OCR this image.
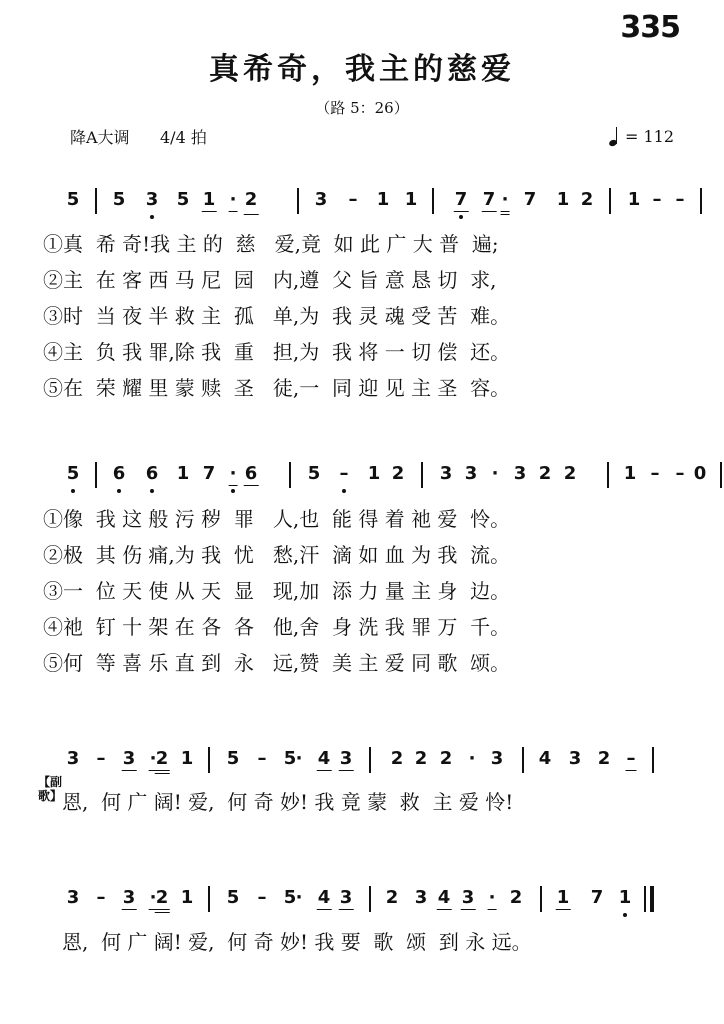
335
真希奇，我主的慈爱
（路 5：26）
降A大调 4/4 拍	= 112
5 5 3 5 1 · 2	3 – 1 1 7 7 · 7 1 2 1 – –
①真  希 奇!我 主 的  慈   爱,竟  如 此 广 大 普  遍;
②主  在 客 西 马 尼  园   内,遵  父 旨 意 恳 切  求,
③时  当 夜 半 救 主  孤   单,为  我 灵 魂 受 苦  难。
④主  负 我 罪,除 我  重   担,为  我 将 一 切 偿  还。
⑤在  荣 耀 里 蒙 赎  圣   徒,一  同 迎 见 主 圣  容。
5 6 6 1 7 · 6	5 – 1 2 3 3 · 3 2 2	1 – – 0
①像  我 这 般 污 秽  罪   人,也  能 得 着 祂 爱  怜。
②极  其 伤 痛,为 我  忧   愁,汗  滴 如 血 为 我  流。
③一  位 天 使 从 天  显   现,加  添 力 量 主 身  边。
④祂  钉 十 架 在 各  各   他,舍  身 洗 我 罪 万  千。
⑤何  等 喜 乐 直 到  永   远,赞  美 主 爱 同 歌  颂。
3 – 3 · 2 1 5 – 5 · 4 3 2 2 2 · 3 4 3 2 –
【副歌】 恩,  何 广 阔! 爱,  何 奇 妙! 我 竟 蒙  救  主 爱 怜!
3 – 3 · 2 1 5 – 5 · 4 3 2 3 4 3 · 2 1 7 1
恩,  何 广 阔! 爱,  何 奇 妙! 我 要  歌  颂  到 永 远。
